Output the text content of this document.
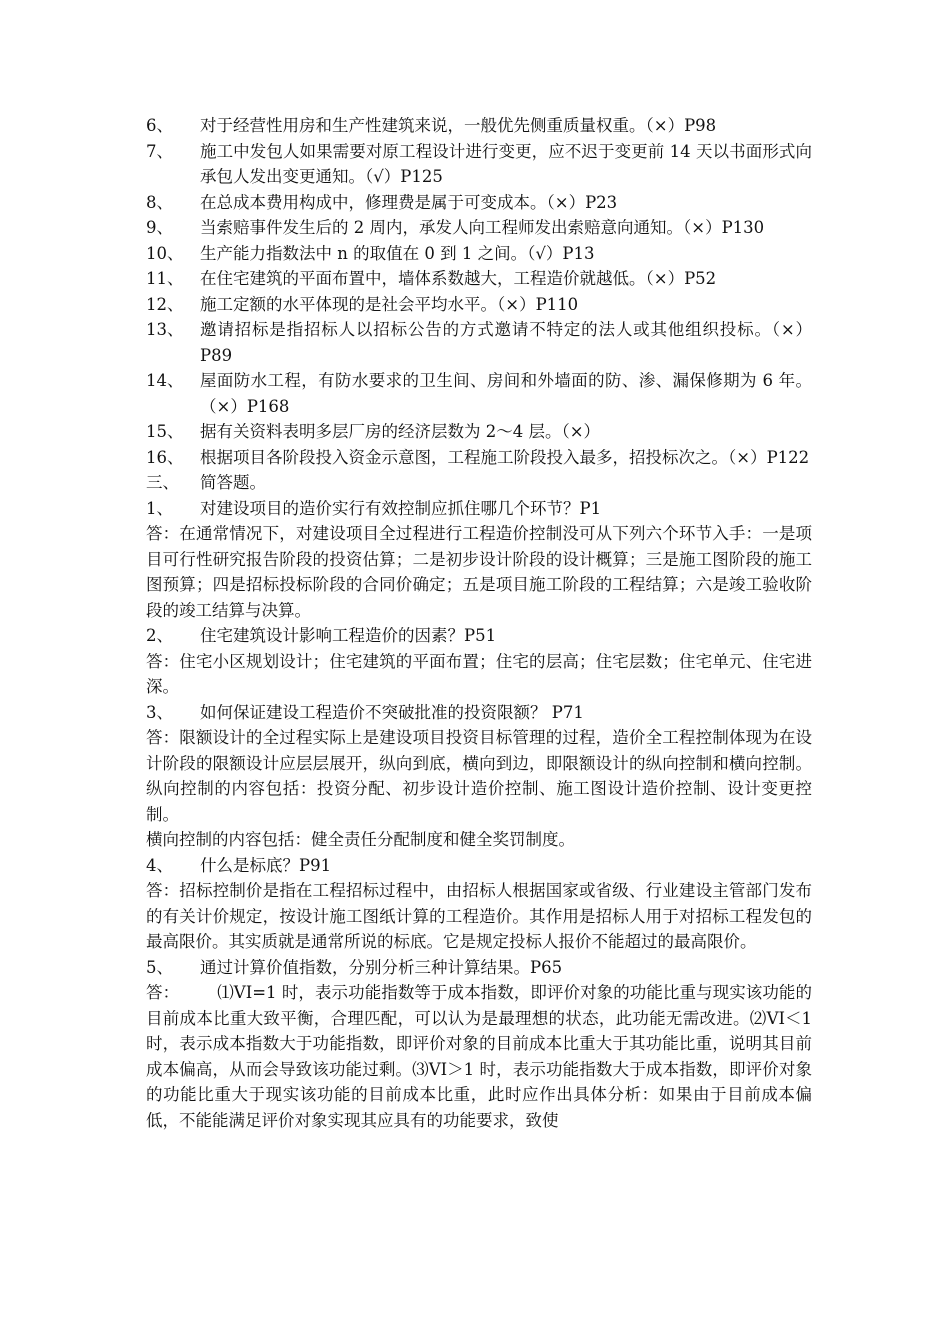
6、	对于经营性用房和生产性建筑来说，一般优先侧重质量权重。（×）P98
7、	施工中发包人如果需要对原工程设计进行变更，应不迟于变更前 14 天以书面形式向承包人发出变更通知。（√）P125
8、	在总成本费用构成中，修理费是属于可变成本。（×）P23
9、	当索赔事件发生后的 2 周内，承发人向工程师发出索赔意向通知。（×）P130
10、	生产能力指数法中 n 的取值在 0 到 1 之间。（√）P13
11、	在住宅建筑的平面布置中，墙体系数越大，工程造价就越低。（×）P52
12、	施工定额的水平体现的是社会平均水平。（×）P110
13、	邀请招标是指招标人以招标公告的方式邀请不特定的法人或其他组织投标。（×）P89
14、	屋面防水工程，有防水要求的卫生间、房间和外墙面的防、渗、漏保修期为 6 年。（×）P168
15、	据有关资料表明多层厂房的经济层数为 2～4 层。（×）
16、	根据项目各阶段投入资金示意图，工程施工阶段投入最多，招投标次之。（×）P122
三、	简答题。
1、	对建设项目的造价实行有效控制应抓住哪几个环节？P1
答：在通常情况下，对建设项目全过程进行工程造价控制没可从下列六个环节入手：一是项目可行性研究报告阶段的投资估算；二是初步设计阶段的设计概算；三是施工图阶段的施工图预算；四是招标投标阶段的合同价确定；五是项目施工阶段的工程结算；六是竣工验收阶段的竣工结算与决算。
2、	住宅建筑设计影响工程造价的因素？P51
答：住宅小区规划设计；住宅建筑的平面布置；住宅的层高；住宅层数；住宅单元、住宅进深。
3、	如何保证建设工程造价不突破批准的投资限额？ P71
答：限额设计的全过程实际上是建设项目投资目标管理的过程，造价全工程控制体现为在设计阶段的限额设计应层层展开，纵向到底，横向到边，即限额设计的纵向控制和横向控制。纵向控制的内容包括：投资分配、初步设计造价控制、施工图设计造价控制、设计变更控制。
横向控制的内容包括：健全责任分配制度和健全奖罚制度。
4、	什么是标底？P91
答：招标控制价是指在工程招标过程中，由招标人根据国家或省级、行业建设主管部门发布的有关计价规定，按设计施工图纸计算的工程造价。其作用是招标人用于对招标工程发包的最高限价。其实质就是通常所说的标底。它是规定投标人报价不能超过的最高限价。
5、	通过计算价值指数，分别分析三种计算结果。P65
答： ⑴VI=1 时，表示功能指数等于成本指数，即评价对象的功能比重与现实该功能的目前成本比重大致平衡，合理匹配，可以认为是最理想的状态，此功能无需改进。⑵VI＜1 时，表示成本指数大于功能指数，即评价对象的目前成本比重大于其功能比重，说明其目前成本偏高，从而会导致该功能过剩。⑶VI＞1 时，表示功能指数大于成本指数，即评价对象的功能比重大于现实该功能的目前成本比重，此时应作出具体分析：如果由于目前成本偏低，不能能满足评价对象实现其应具有的功能要求，致使
